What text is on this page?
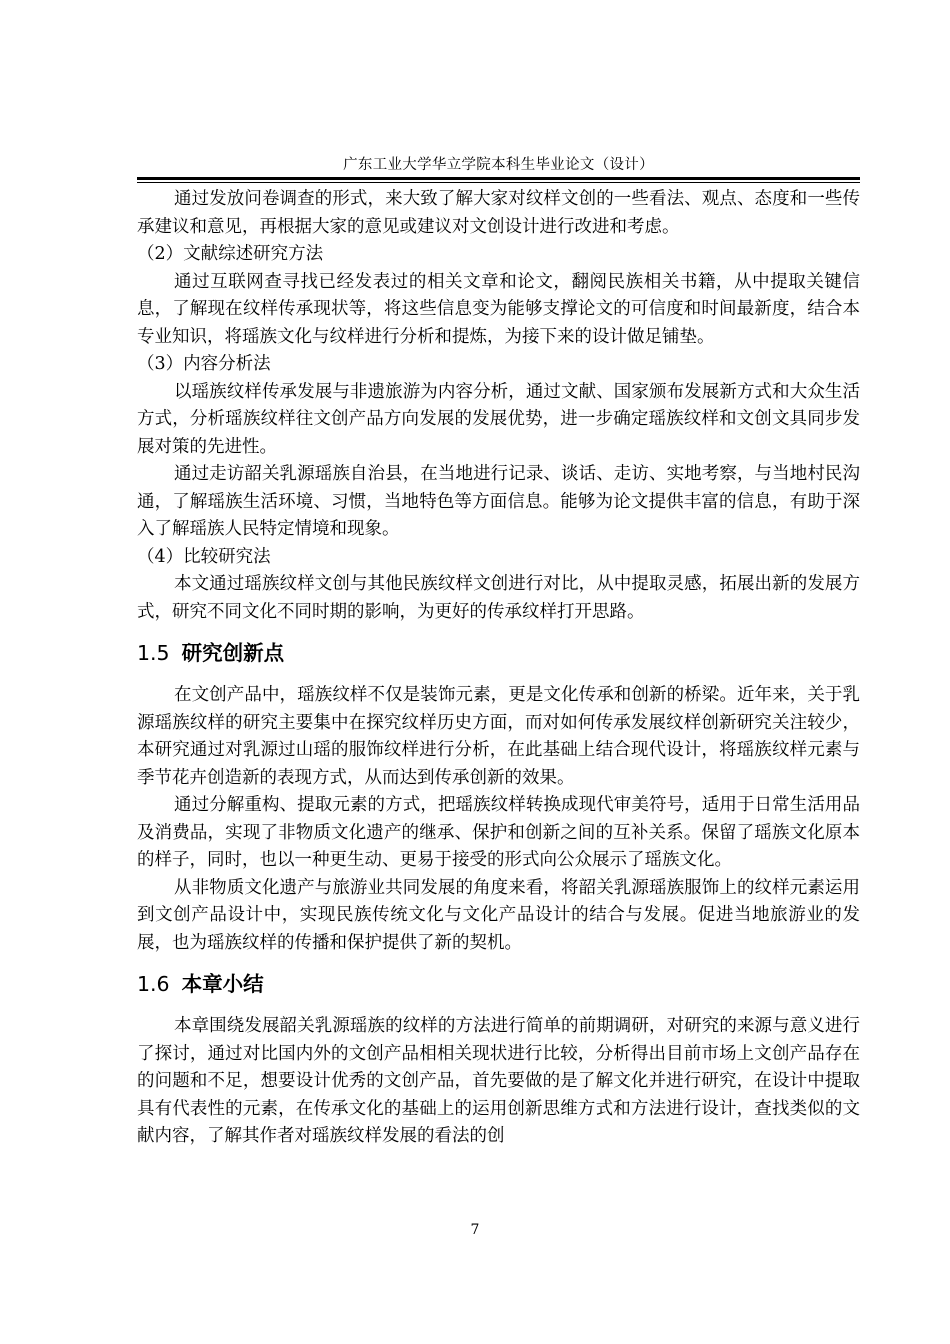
广东工业大学华立学院本科生毕业论文（设计）

通过发放问卷调查的形式，来大致了解大家对纹样文创的一些看法、观点、态度和一些传承建议和意见，再根据大家的意见或建议对文创设计进行改进和考虑。

（2）文献综述研究方法

通过互联网查寻找已经发表过的相关文章和论文，翻阅民族相关书籍，从中提取关键信息，了解现在纹样传承现状等，将这些信息变为能够支撑论文的可信度和时间最新度，结合本专业知识，将瑶族文化与纹样进行分析和提炼，为接下来的设计做足铺垫。

（3）内容分析法

以瑶族纹样传承发展与非遗旅游为内容分析，通过文献、国家颁布发展新方式和大众生活方式，分析瑶族纹样往文创产品方向发展的发展优势，进一步确定瑶族纹样和文创文具同步发展对策的先进性。

通过走访韶关乳源瑶族自治县，在当地进行记录、谈话、走访、实地考察，与当地村民沟通，了解瑶族生活环境、习惯，当地特色等方面信息。能够为论文提供丰富的信息，有助于深入了解瑶族人民特定情境和现象。

（4）比较研究法

本文通过瑶族纹样文创与其他民族纹样文创进行对比，从中提取灵感，拓展出新的发展方式，研究不同文化不同时期的影响，为更好的传承纹样打开思路。

1.5 研究创新点

在文创产品中，瑶族纹样不仅是装饰元素，更是文化传承和创新的桥梁。近年来，关于乳源瑶族纹样的研究主要集中在探究纹样历史方面，而对如何传承发展纹样创新研究关注较少，本研究通过对乳源过山瑶的服饰纹样进行分析，在此基础上结合现代设计，将瑶族纹样元素与季节花卉创造新的表现方式，从而达到传承创新的效果。

通过分解重构、提取元素的方式，把瑶族纹样转换成现代审美符号，适用于日常生活用品及消费品，实现了非物质文化遗产的继承、保护和创新之间的互补关系。保留了瑶族文化原本的样子，同时，也以一种更生动、更易于接受的形式向公众展示了瑶族文化。

从非物质文化遗产与旅游业共同发展的角度来看，将韶关乳源瑶族服饰上的纹样元素运用到文创产品设计中，实现民族传统文化与文化产品设计的结合与发展。促进当地旅游业的发展，也为瑶族纹样的传播和保护提供了新的契机。

1.6 本章小结

本章围绕发展韶关乳源瑶族的纹样的方法进行简单的前期调研，对研究的来源与意义进行了探讨，通过对比国内外的文创产品相相关现状进行比较，分析得出目前市场上文创产品存在的问题和不足，想要设计优秀的文创产品，首先要做的是了解文化并进行研究，在设计中提取具有代表性的元素，在传承文化的基础上的运用创新思维方式和方法进行设计，查找类似的文献内容，了解其作者对瑶族纹样发展的看法的创

7
